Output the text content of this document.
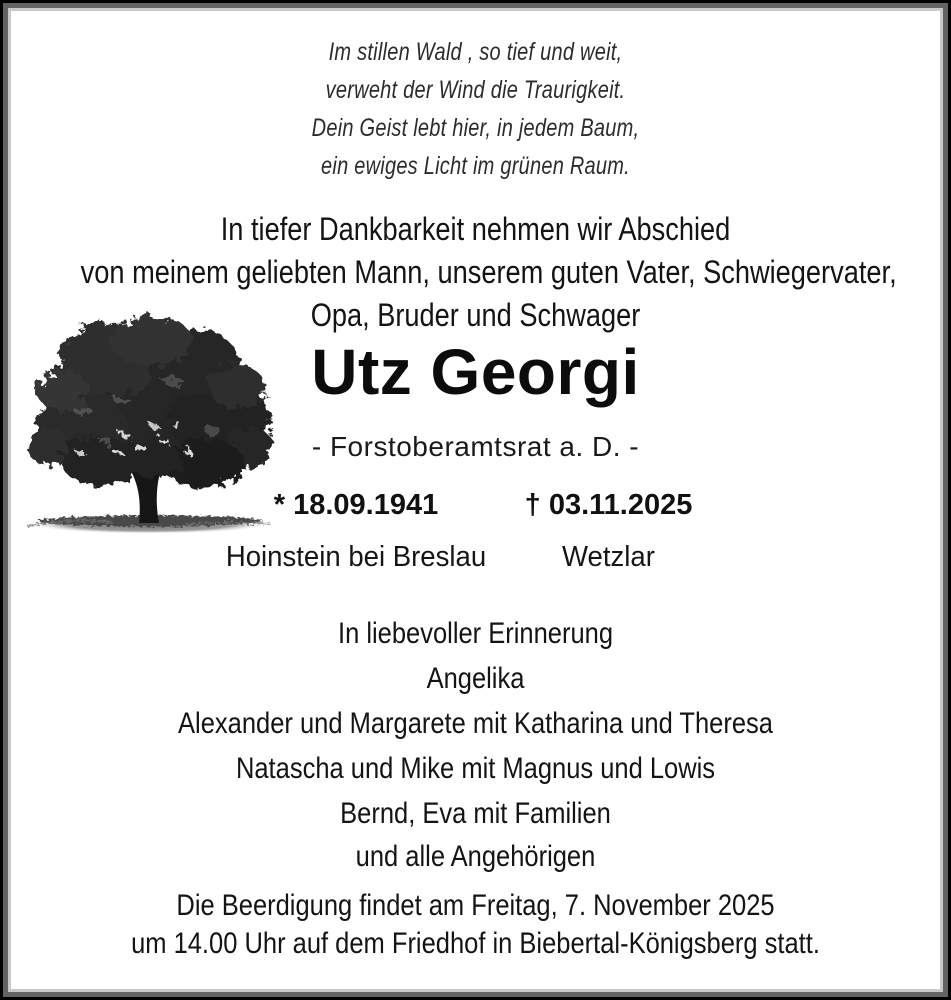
Im stillen Wald , so tief und weit,
verweht der Wind die Traurigkeit.
Dein Geist lebt hier, in jedem Baum,
ein ewiges Licht im grünen Raum.
In tiefer Dankbarkeit nehmen wir Abschied
von meinem geliebten Mann, unserem guten Vater, Schwiegervater,
Opa, Bruder und Schwager
Utz Georgi
- Forstoberamtsrat a. D. -
* 18.09.1941
Hoinstein bei Breslau
† 03.11.2025
Wetzlar
In liebevoller Erinnerung
Angelika
Alexander und Margarete mit Katharina und Theresa
Natascha und Mike mit Magnus und Lowis
Bernd, Eva mit Familien
und alle Angehörigen
Die Beerdigung findet am Freitag, 7. November 2025
um 14.00 Uhr auf dem Friedhof in Biebertal-Königsberg statt.
